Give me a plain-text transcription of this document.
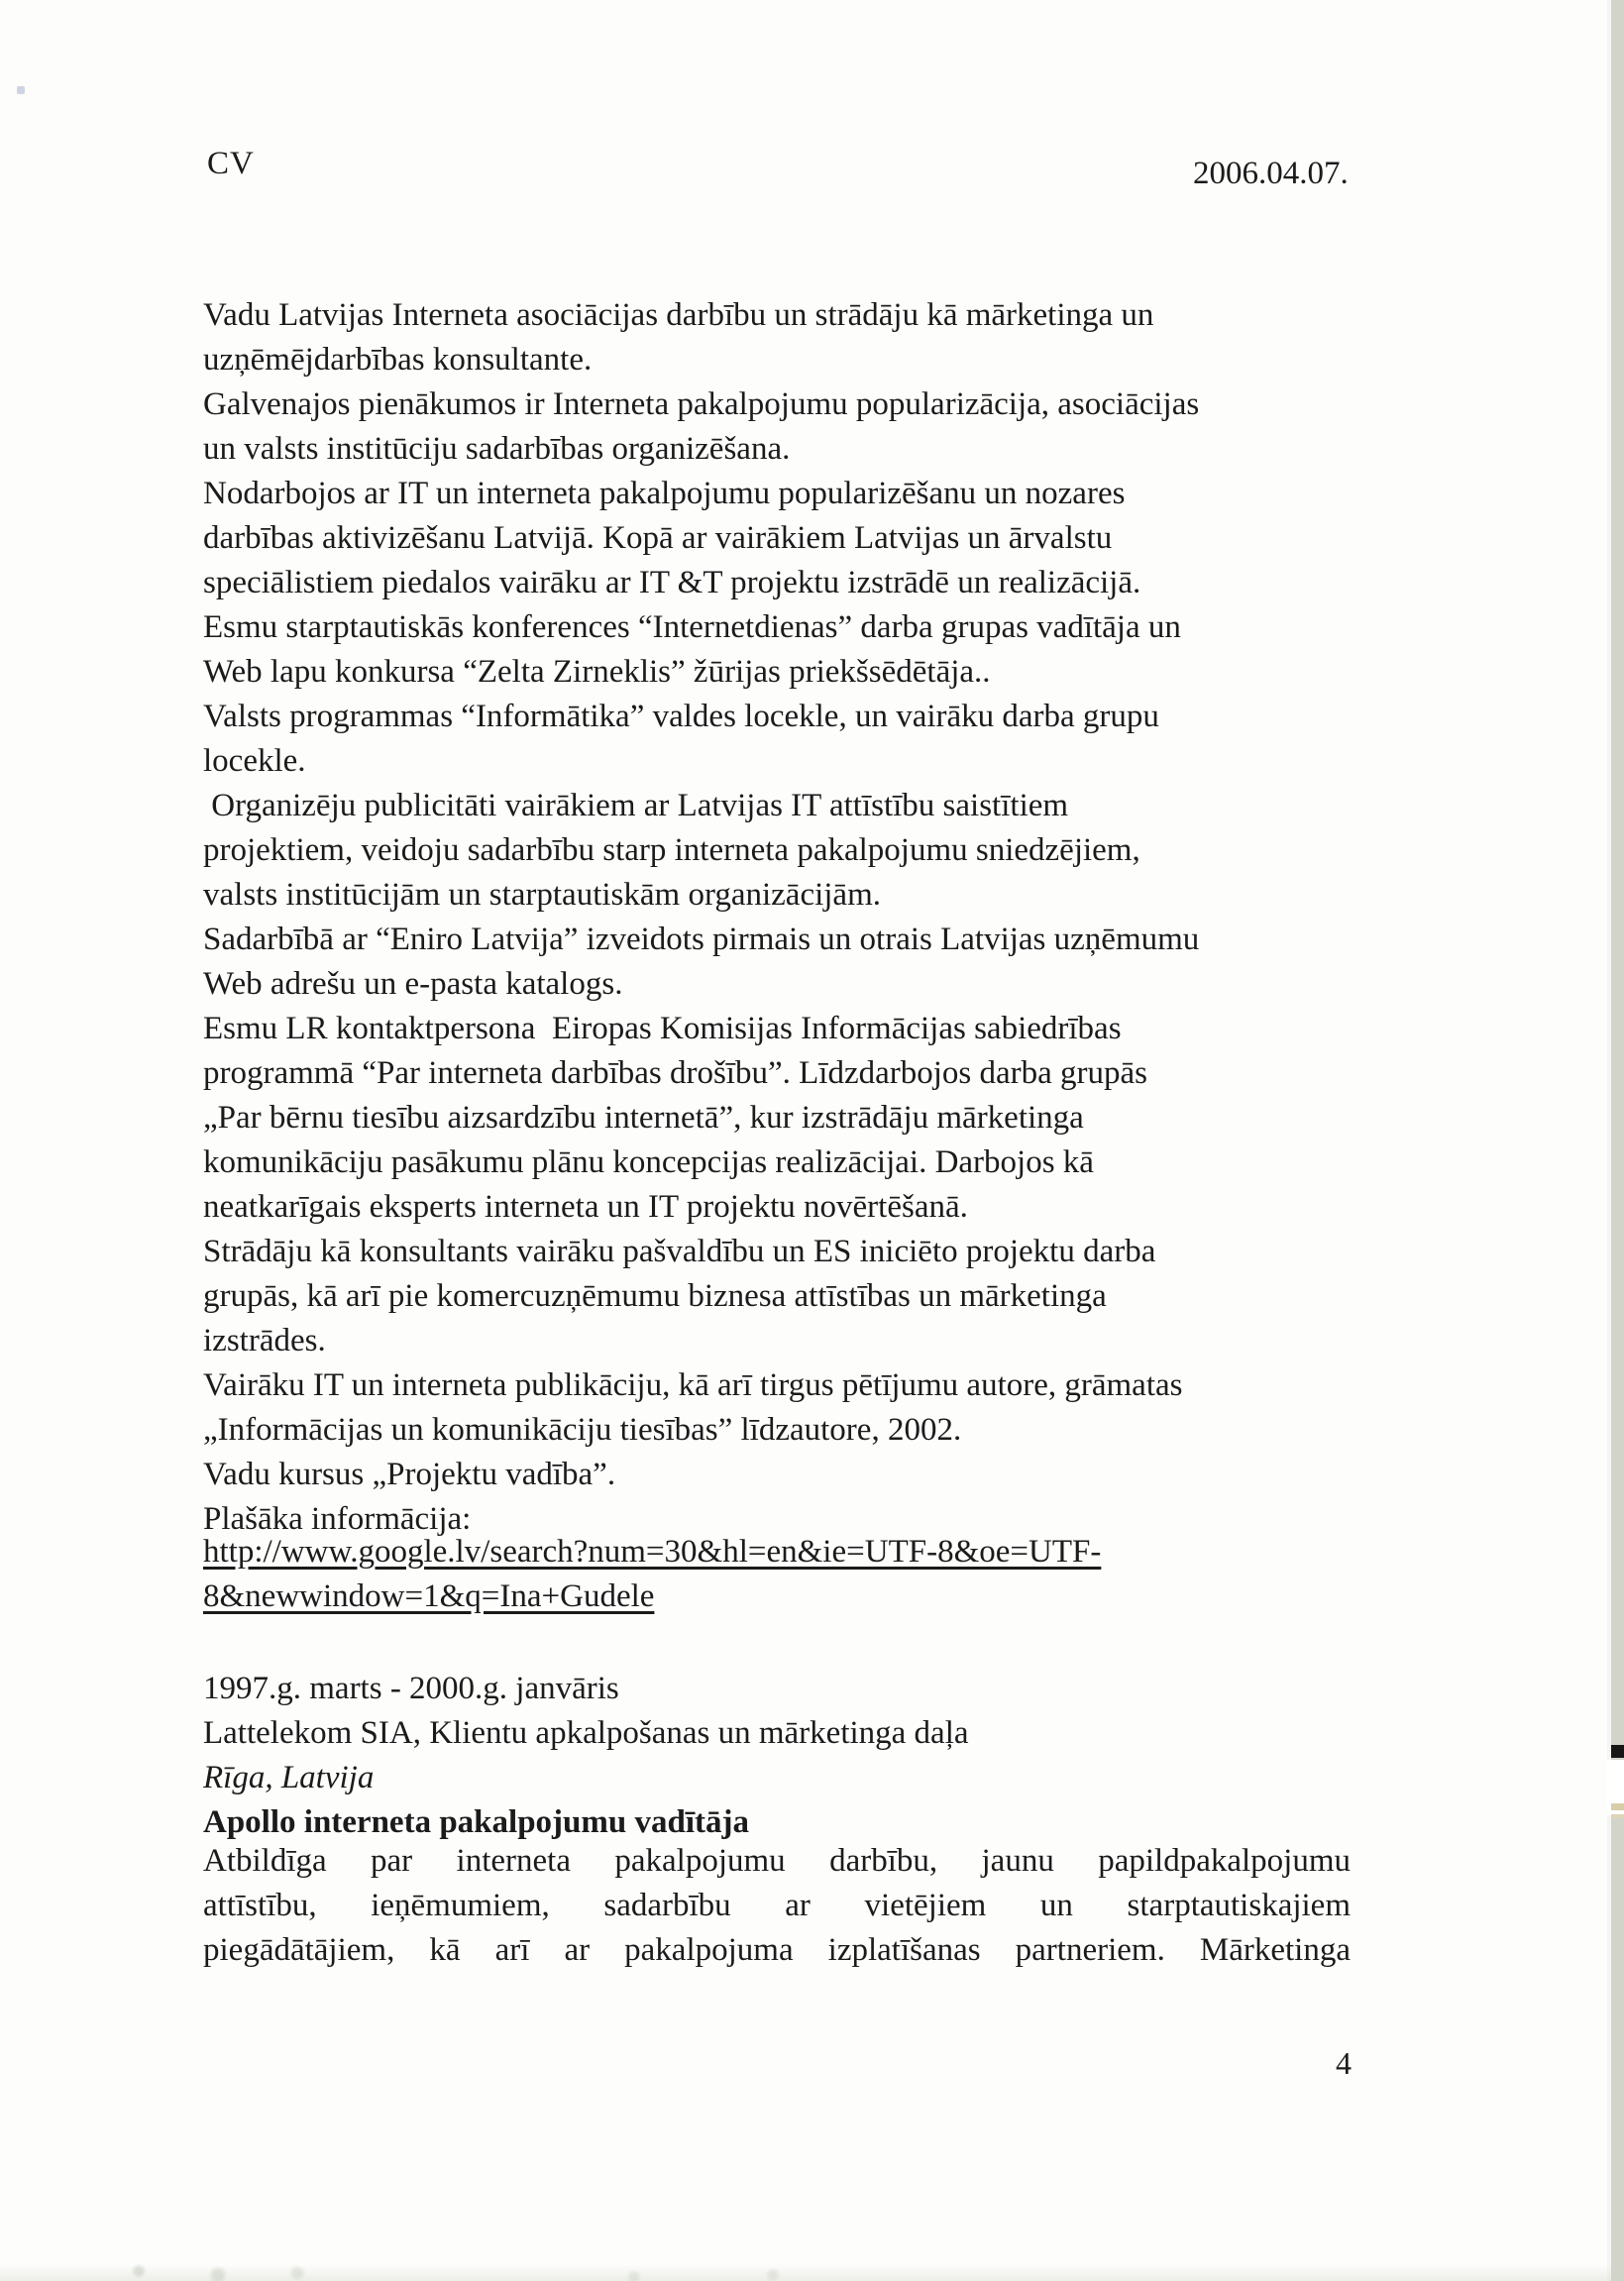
CV	2006.04.07.
Vadu Latvijas Interneta asociācijas darbību un strādāju kā mārketinga un
uzņēmējdarbības konsultante.
Galvenajos pienākumos ir Interneta pakalpojumu popularizācija, asociācijas
un valsts institūciju sadarbības organizēšana.
Nodarbojos ar IT un interneta pakalpojumu popularizēšanu un nozares
darbības aktivizēšanu Latvijā. Kopā ar vairākiem Latvijas un ārvalstu
speciālistiem piedalos vairāku ar IT &T projektu izstrādē un realizācijā.
Esmu starptautiskās konferences “Internetdienas” darba grupas vadītāja un
Web lapu konkursa “Zelta Zirneklis” žūrijas priekšsēdētāja..
Valsts programmas “Informātika” valdes locekle, un vairāku darba grupu
locekle.
Organizēju publicitāti vairākiem ar Latvijas IT attīstību saistītiem
projektiem, veidoju sadarbību starp interneta pakalpojumu sniedzējiem,
valsts institūcijām un starptautiskām organizācijām.
Sadarbībā ar “Eniro Latvija” izveidots pirmais un otrais Latvijas uzņēmumu
Web adrešu un e-pasta katalogs.
Esmu LR kontaktpersona  Eiropas Komisijas Informācijas sabiedrības
programmā “Par interneta darbības drošību”. Līdzdarbojos darba grupās
„Par bērnu tiesību aizsardzību internetā”, kur izstrādāju mārketinga
komunikāciju pasākumu plānu koncepcijas realizācijai. Darbojos kā
neatkarīgais eksperts interneta un IT projektu novērtēšanā.
Strādāju kā konsultants vairāku pašvaldību un ES iniciēto projektu darba
grupās, kā arī pie komercuzņēmumu biznesa attīstības un mārketinga
izstrādes.
Vairāku IT un interneta publikāciju, kā arī tirgus pētījumu autore, grāmatas
„Informācijas un komunikāciju tiesības” līdzautore, 2002.
Vadu kursus „Projektu vadība”.
Plašāka informācija:
http://www.google.lv/search?num=30&hl=en&ie=UTF-8&oe=UTF-
8&newwindow=1&q=Ina+Gudele
1997.g. marts - 2000.g. janvāris
Lattelekom SIA, Klientu apkalpošanas un mārketinga daļa
Rīga, Latvija
Apollo interneta pakalpojumu vadītāja
Atbildīga par interneta pakalpojumu darbību, jaunu papildpakalpojumu
attīstību, ieņēmumiem, sadarbību ar vietējiem un starptautiskajiem
piegādātājiem, kā arī ar pakalpojuma izplatīšanas partneriem. Mārketinga
4
